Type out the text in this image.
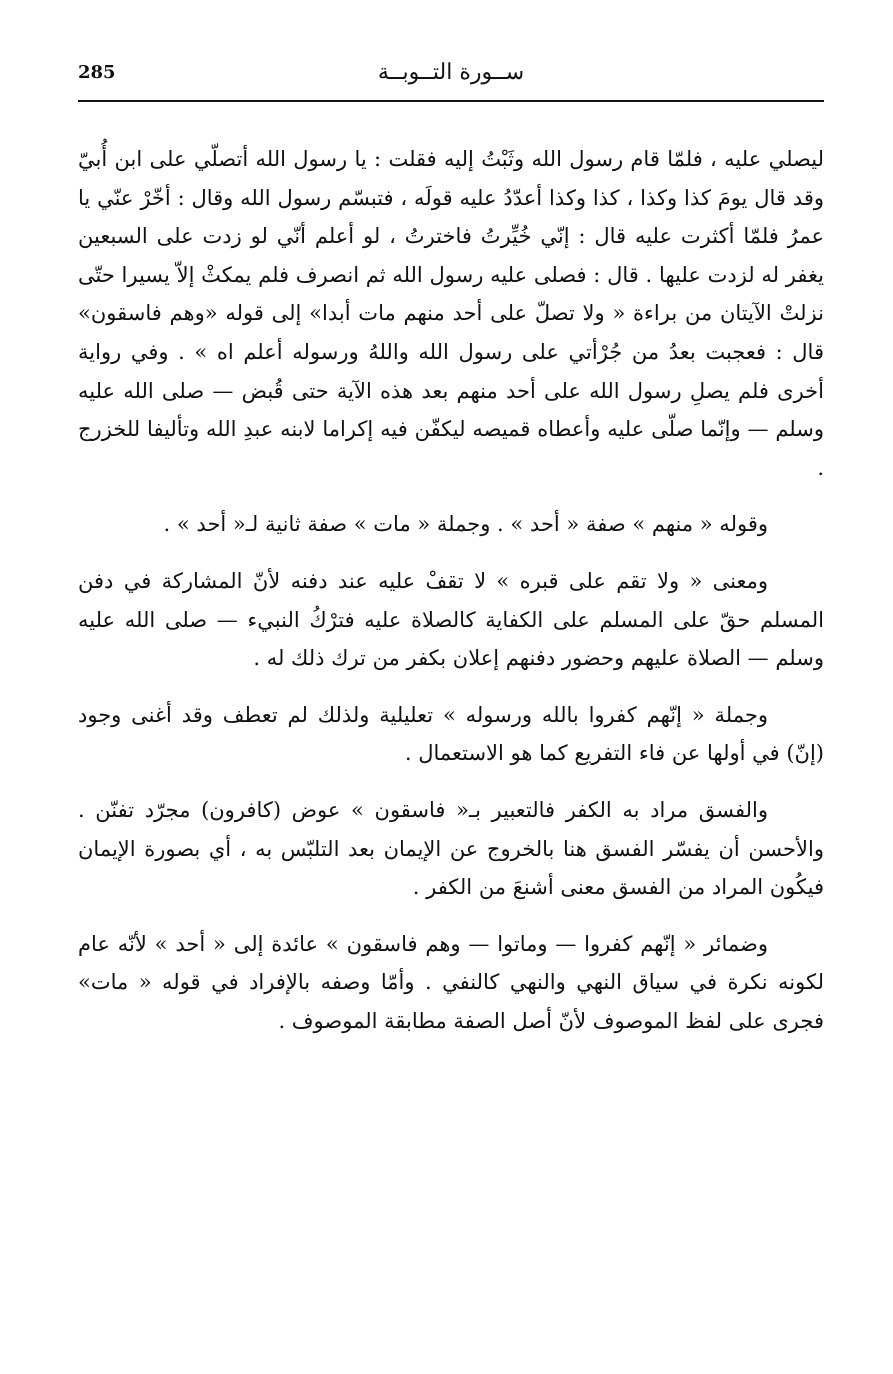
285	ســورة التــوبــة

ليصلي عليه ، فلمّا قام رسول الله وثَبْتُ إليه فقلت : يا رسول الله أتصلّي على ابن أُبيّ وقد قال يومَ كذا وكذا ، كذا وكذا أعدّدُ عليه قولَه ، فتبسّم رسول الله وقال : أخّرْ عنّي يا عمرُ فلمّا أكثرت عليه قال : إنّي خُيِّرتُ فاخترتُ ، لو أعلم أنّي لو زدت على السبعين يغفر له لزدت عليها . قال : فصلى عليه رسول الله ثم انصرف فلم يمكثْ إلاّ يسيرا حتّى نزلتْ الآيتان من براءة « ولا تصلّ على أحد منهم مات أبدا» إلى قوله «وهم فاسقون» قال : فعجبت بعدُ من جُرْأتي على رسول الله واللهُ ورسوله أعلم اه » . وفي رواية أخرى فلم يصلِ رسول الله على أحد منهم بعد هذه الآية حتى قُبض — صلى الله عليه وسلم — وإنّما صلّى عليه وأعطاه قميصه ليكفّن فيه إكراما لابنه عبدِ الله وتأليفا للخزرج .

وقوله « منهم » صفة « أحد » . وجملة « مات » صفة ثانية لـ« أحد » .

ومعنى « ولا تقم على قبره » لا تقفْ عليه عند دفنه لأنّ المشاركة في دفن المسلم حقّ على المسلم على الكفاية كالصلاة عليه فترْكُ النبيء — صلى الله عليه وسلم — الصلاة عليهم وحضور دفنهم إعلان بكفر من ترك ذلك له .

وجملة « إنّهم كفروا بالله ورسوله » تعليلية ولذلك لم تعطف وقد أغنى وجود (إنّ) في أولها عن فاء التفريع كما هو الاستعمال .

والفسق مراد به الكفر فالتعبير بـ« فاسقون » عوض (كافرون) مجرّد تفنّن . والأحسن أن يفسّر الفسق هنا بالخروج عن الإيمان بعد التلبّس به ، أي بصورة الإيمان فيكُون المراد من الفسق معنى أشنعَ من الكفر .

وضمائر « إنّهم كفروا — وماتوا — وهم فاسقون » عائدة إلى « أحد » لأنّه عام لكونه نكرة في سياق النهي والنهي كالنفي . وأمّا وصفه بالإفراد في قوله « مات» فجرى على لفظ الموصوف لأنّ أصل الصفة مطابقة الموصوف .
